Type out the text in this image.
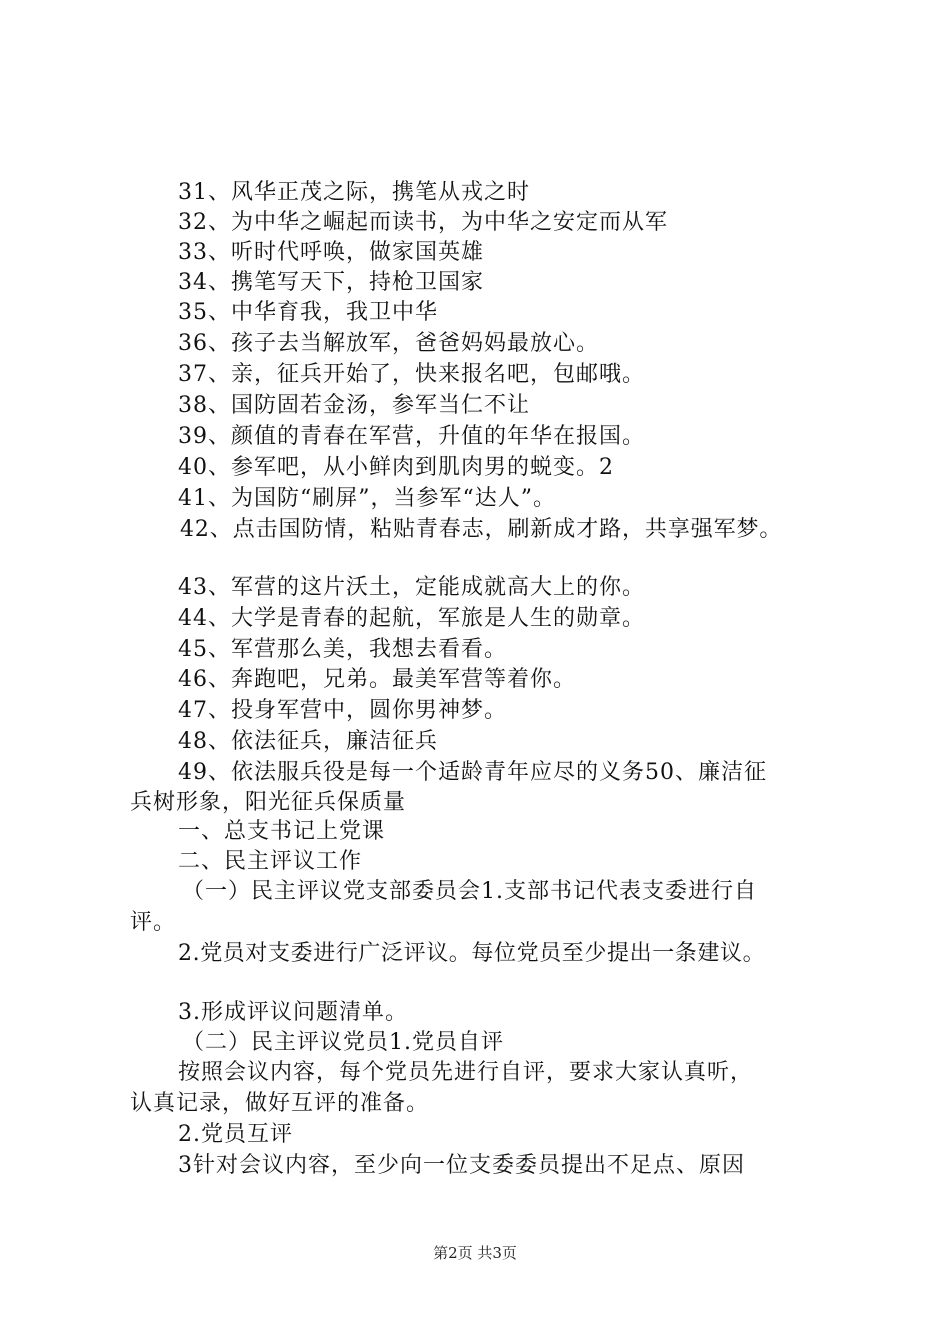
31、风华正茂之际，携笔从戎之时
32、为中华之崛起而读书，为中华之安定而从军
33、听时代呼唤，做家国英雄
34、携笔写天下，持枪卫国家
35、中华育我，我卫中华
36、孩子去当解放军，爸爸妈妈最放心。
37、亲，征兵开始了，快来报名吧，包邮哦。
38、国防固若金汤，参军当仁不让
39、颜值的青春在军营，升值的年华在报国。
40、参军吧，从小鲜肉到肌肉男的蜕变。2
41、为国防“刷屏”，当参军“达人”。
42、点击国防情，粘贴青春志，刷新成才路，共享强军梦。
43、军营的这片沃土，定能成就高大上的你。
44、大学是青春的起航，军旅是人生的勋章。
45、军营那么美，我想去看看。
46、奔跑吧，兄弟。最美军营等着你。
47、投身军营中，圆你男神梦。
48、依法征兵，廉洁征兵
49、依法服兵役是每一个适龄青年应尽的义务50、廉洁征
兵树形象，阳光征兵保质量
一、总支书记上党课
二、民主评议工作
（一）民主评议党支部委员会1.支部书记代表支委进行自
评。
2.党员对支委进行广泛评议。每位党员至少提出一条建议。
3.形成评议问题清单。
（二）民主评议党员1.党员自评
按照会议内容，每个党员先进行自评，要求大家认真听，
认真记录，做好互评的准备。
2.党员互评
3针对会议内容，至少向一位支委委员提出不足点、原因
第2页 共3页
